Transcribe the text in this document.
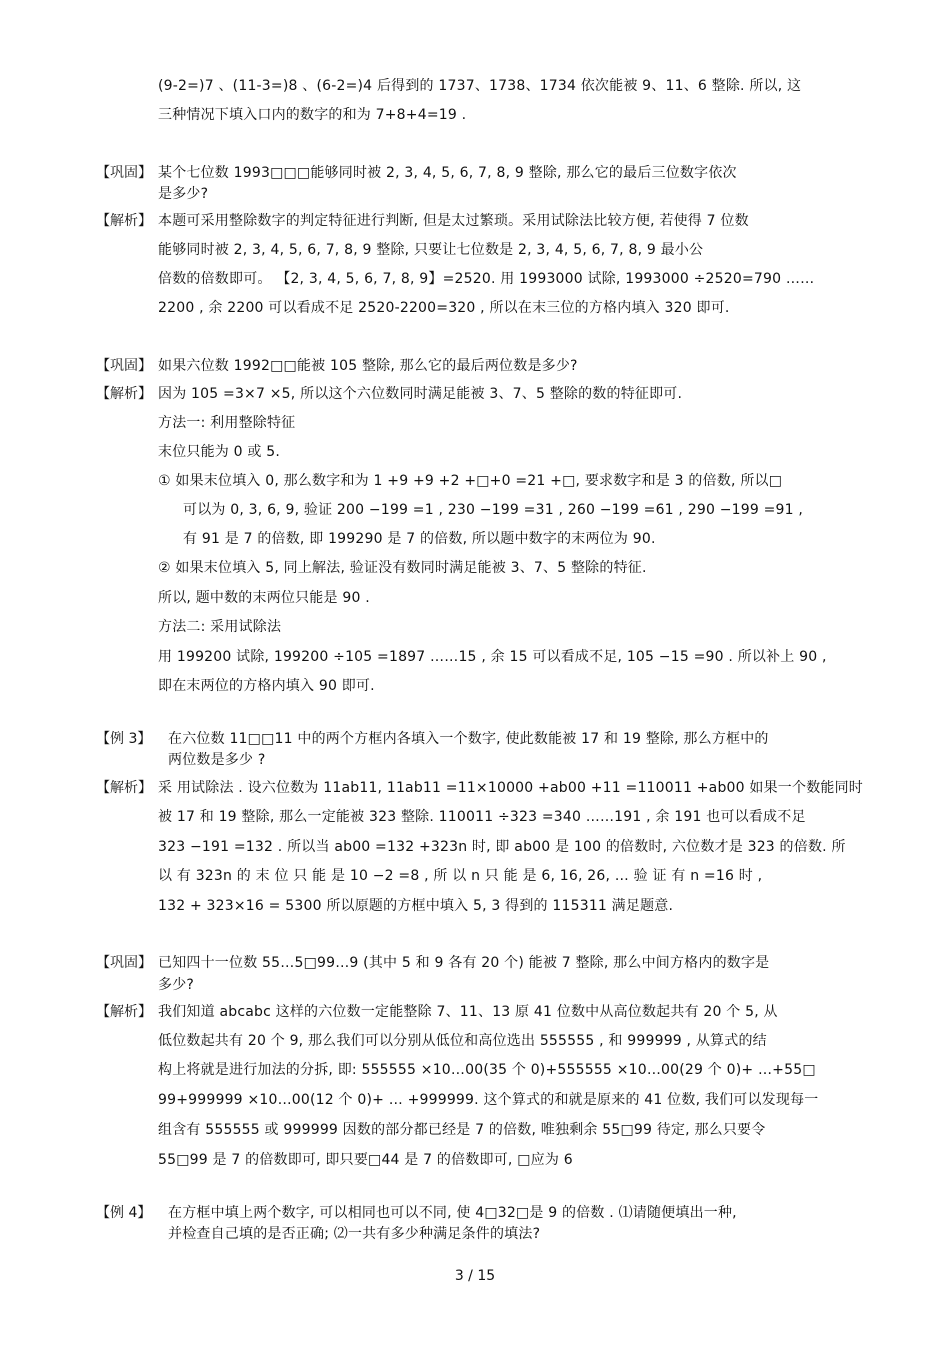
(9-2=)7 、(11-3=)8 、(6-2=)4 后得到的 1737、1738、1734 依次能被 9、11、6 整除. 所以, 这
三种情况下填入口内的数字的和为 7+8+4=19 .
【巩固】 某个七位数 1993□□□能够同时被 2, 3, 4, 5, 6, 7, 8, 9 整除, 那么它的最后三位数字依次
是多少?
【解析】 本题可采用整除数字的判定特征进行判断, 但是太过繁琐。采用试除法比较方便, 若使得 7 位数
能够同时被 2, 3, 4, 5, 6, 7, 8, 9 整除, 只要让七位数是 2, 3, 4, 5, 6, 7, 8, 9 最小公
倍数的倍数即可。 【2, 3, 4, 5, 6, 7, 8, 9】=2520. 用 1993000 试除, 1993000 ÷2520=790 ……
2200 , 余 2200 可以看成不足 2520-2200=320 , 所以在末三位的方格内填入 320 即可.
【巩固】 如果六位数 1992□□能被 105 整除, 那么它的最后两位数是多少?
【解析】 因为 105 =3×7 ×5, 所以这个六位数同时满足能被 3、7、5 整除的数的特征即可.
方法一: 利用整除特征
末位只能为 0 或 5.
① 如果末位填入 0, 那么数字和为 1 +9 +9 +2 +□+0 =21 +□, 要求数字和是 3 的倍数, 所以□
可以为 0, 3, 6, 9, 验证 200 −199 =1 , 230 −199 =31 , 260 −199 =61 , 290 −199 =91 ,
有 91 是 7 的倍数, 即 199290 是 7 的倍数, 所以题中数字的末两位为 90.
② 如果末位填入 5, 同上解法, 验证没有数同时满足能被 3、7、5 整除的特征.
所以, 题中数的末两位只能是 90 .
方法二: 采用试除法
用 199200 试除, 199200 ÷105 =1897 ……15 , 余 15 可以看成不足, 105 −15 =90 . 所以补上 90 ,
即在末两位的方格内填入 90 即可.
【例 3】 在六位数 11□□11 中的两个方框内各填入一个数字, 使此数能被 17 和 19 整除, 那么方框中的
两位数是多少 ?
【解析】 采 用试除法 . 设六位数为 11ab11, 11ab11 =11×10000 +ab00 +11 =110011 +ab00 如果一个数能同时
被 17 和 19 整除, 那么一定能被 323 整除. 110011 ÷323 =340 ……191 , 余 191 也可以看成不足
323 −191 =132 . 所以当 ab00 =132 +323n 时, 即 ab00 是 100 的倍数时, 六位数才是 323 的倍数. 所
以 有 323n 的 末 位 只 能 是 10 −2 =8 , 所 以 n 只 能 是 6, 16, 26, … 验 证 有 n =16 时 ,
132 + 323×16 = 5300 所以原题的方框中填入 5, 3 得到的 115311 满足题意.
【巩固】 已知四十一位数 55…5□99…9 (其中 5 和 9 各有 20 个) 能被 7 整除, 那么中间方格内的数字是
多少?
【解析】 我们知道 abcabc 这样的六位数一定能整除 7、11、13 原 41 位数中从高位数起共有 20 个 5, 从
低位数起共有 20 个 9, 那么我们可以分别从低位和高位选出 555555 , 和 999999 , 从算式的结
构上将就是进行加法的分拆, 即: 555555 ×10…00(35 个 0)+555555 ×10…00(29 个 0)+ …+55□
99+999999 ×10…00(12 个 0)+ … +999999. 这个算式的和就是原来的 41 位数, 我们可以发现每一
组含有 555555 或 999999 因数的部分都已经是 7 的倍数, 唯独剩余 55□99 待定, 那么只要令
55□99 是 7 的倍数即可, 即只要□44 是 7 的倍数即可, □应为 6
【例 4】 在方框中填上两个数字, 可以相同也可以不同, 使 4□32□是 9 的倍数 . ⑴请随便填出一种,
并检查自己填的是否正确; ⑵一共有多少种满足条件的填法?
3 / 15
